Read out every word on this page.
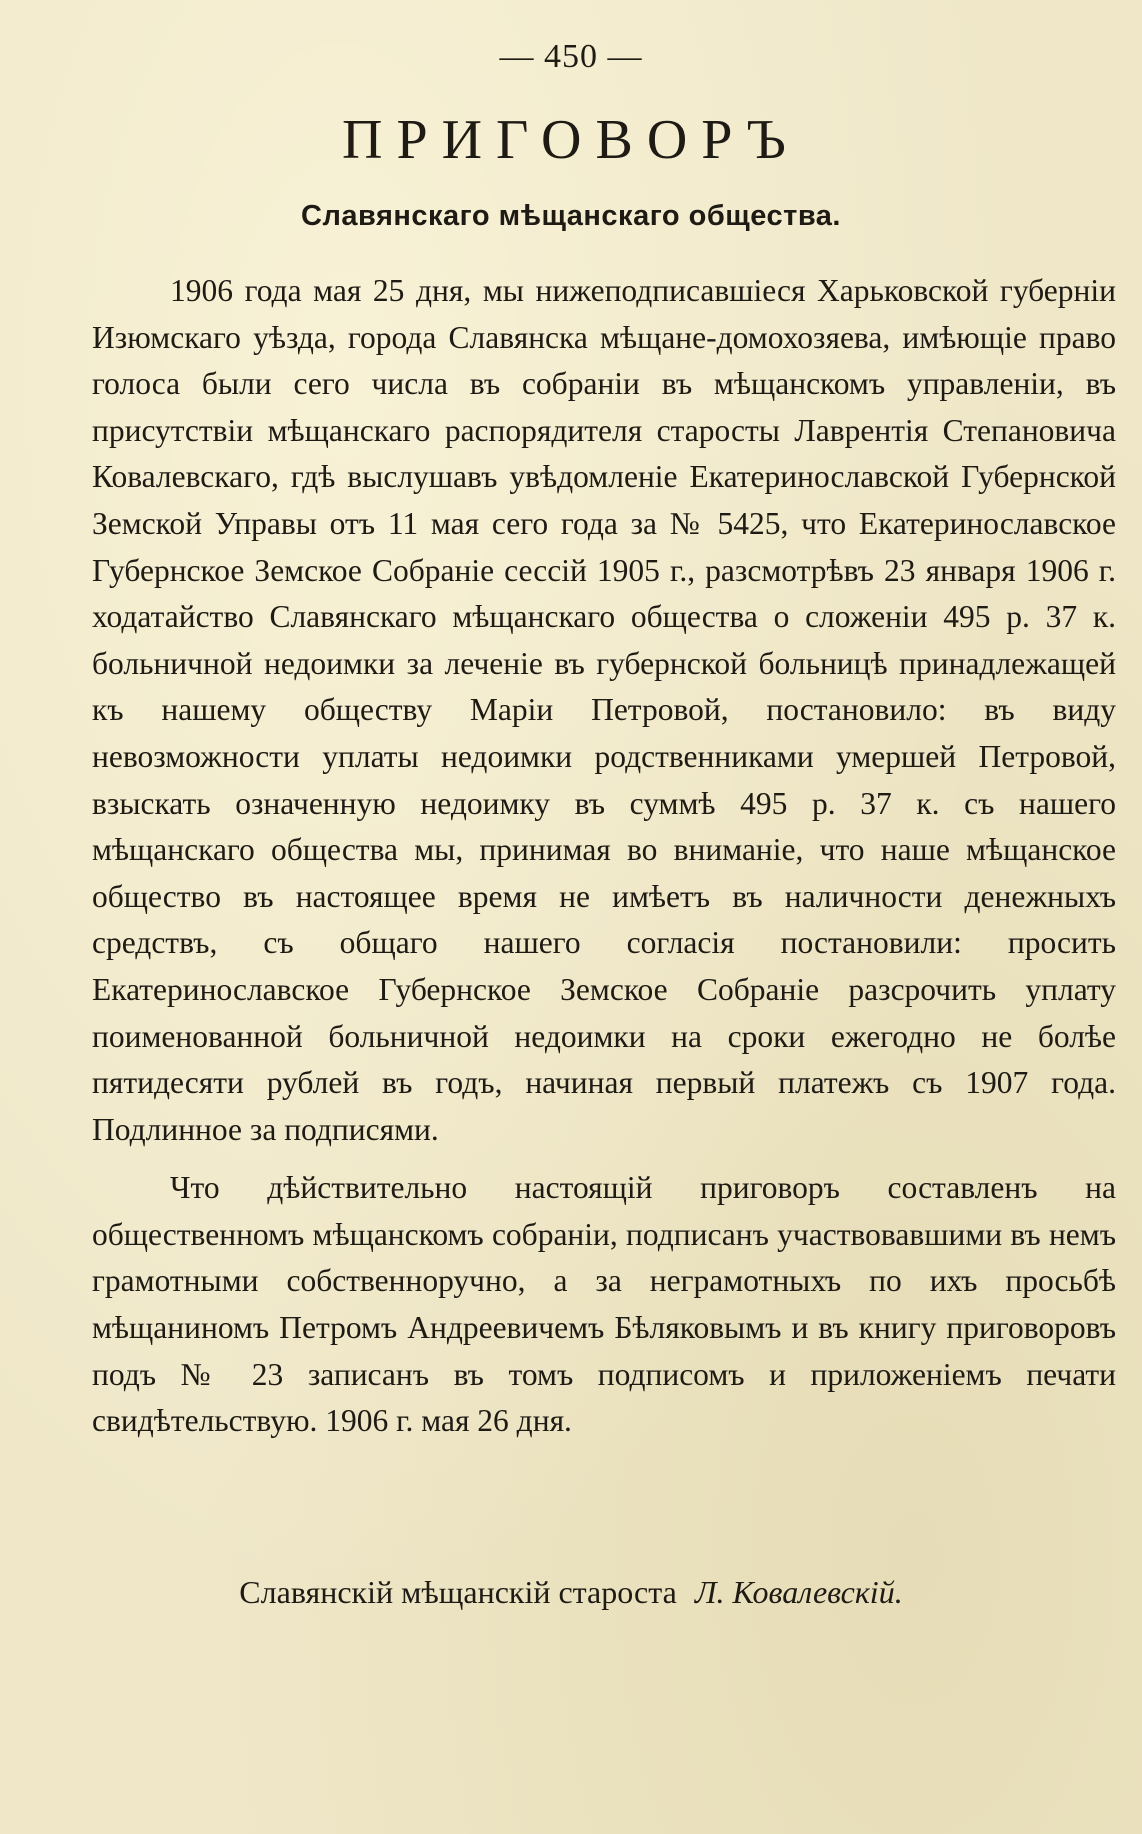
— 450 —
ПРИГОВОРЪ
Славянскаго мѣщанскаго общества.

1906 года мая 25 дня, мы нижеподписавшіеся Харьковской губерніи Изюмскаго уѣзда, города Славянска мѣщане-домохозяева, имѣющіе право голоса были сего числа въ собраніи въ мѣщанскомъ управленіи, въ присутствіи мѣщанскаго распорядителя старосты Лаврентія Степановича Ковалевскаго, гдѣ выслушавъ увѣдомленіе Екатеринославской Губернской Земской Управы отъ 11 мая сего года за № 5425, что Екатеринославское Губернское Земское Собраніе сессій 1905 г., разсмотрѣвъ 23 января 1906 г. ходатайство Славянскаго мѣщанскаго общества о сложеніи 495 р. 37 к. больничной недоимки за леченіе въ губернской больницѣ принадлежащей къ нашему обществу Маріи Петровой, постановило: въ виду невозможности уплаты недоимки родственниками умершей Петровой, взыскать означенную недоимку въ суммѣ 495 р. 37 к. съ нашего мѣщанскаго общества мы, принимая во вниманіе, что наше мѣщанское общество въ настоящее время не имѣетъ въ наличности денежныхъ средствъ, съ общаго нашего согласія постановили: просить Екатеринославское Губернское Земское Собраніе разсрочить уплату поименованной больничной недоимки на сроки ежегодно не болѣе пятидесяти рублей въ годъ, начиная первый платежъ съ 1907 года. Подлинное за подписями.

Что дѣйствительно настоящій приговоръ составленъ на общественномъ мѣщанскомъ собраніи, подписанъ участвовавшими въ немъ грамотными собственноручно, а за неграмотныхъ по ихъ просьбѣ мѣщаниномъ Петромъ Андреевичемъ Бѣляковымъ и въ книгу приговоровъ подъ № 23 записанъ въ томъ подписомъ и приложеніемъ печати свидѣтельствую. 1906 г. мая 26 дня.

Славянскій мѣщанскій староста Л. Ковалевскій.
